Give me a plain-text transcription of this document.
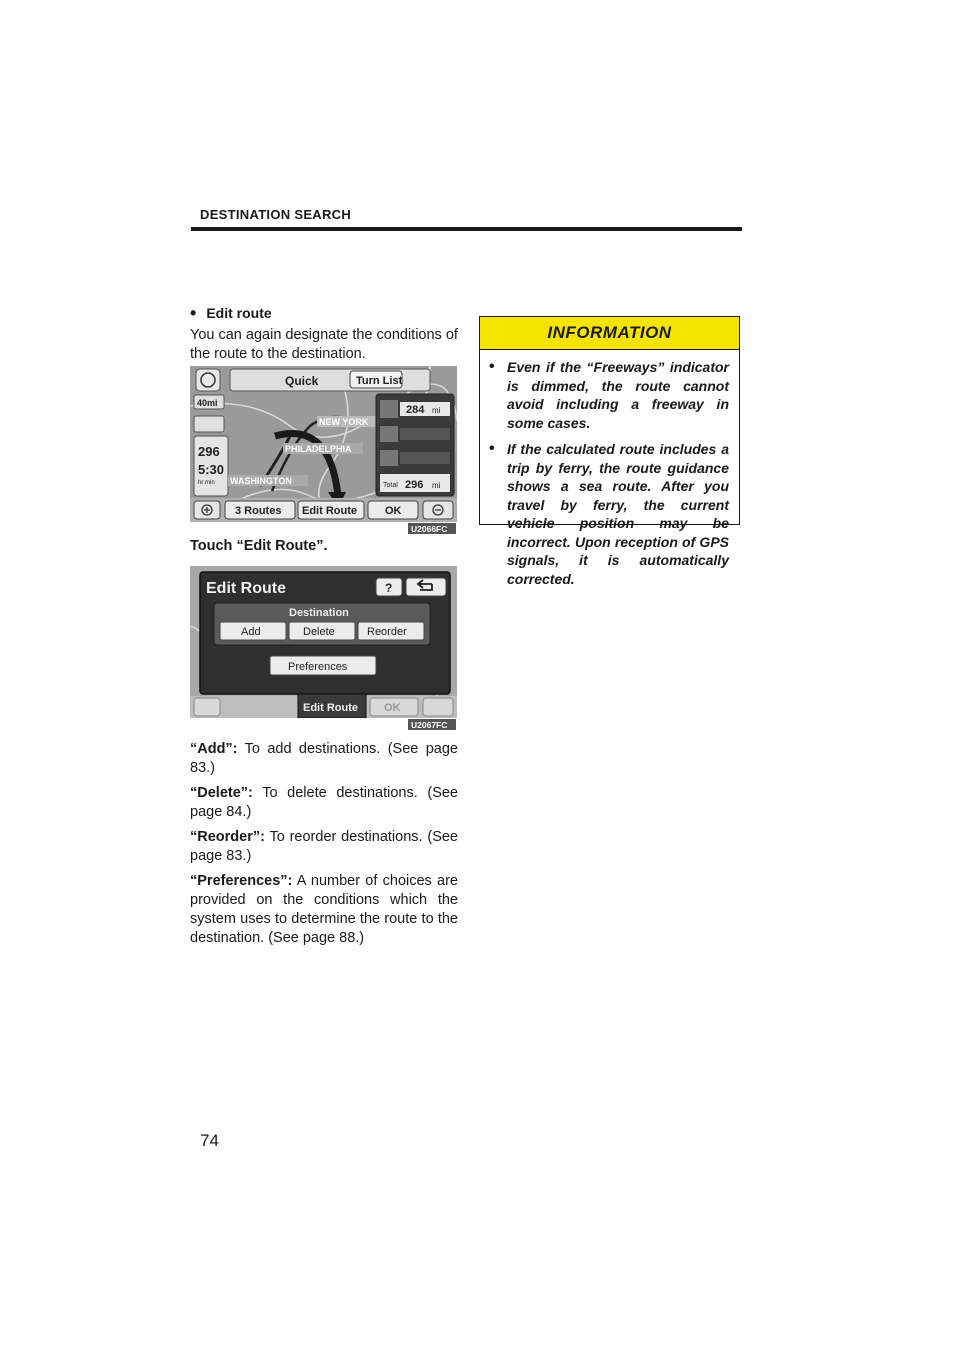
DESTINATION SEARCH
• Edit route
You can again designate the conditions of the route to the destination.
Quick	Turn List
40mi
296
5:30
hr min
NEW YORK
PHILADELPHIA
WASHINGTON
284 mi
Total 296 mi
3 Routes Edit Route	OK
U2066FC
Touch “Edit Route”.
Edit Route	?
Destination
Add	Delete	Reorder
Preferences
Edit Route OK
U2067FC
“Add”: To add destinations. (See page 83.)
“Delete”: To delete destinations. (See page 84.)
“Reorder”: To reorder destinations. (See page 83.)
“Preferences”: A number of choices are provided on the conditions which the system uses to determine the route to the destination. (See page 88.)
INFORMATION
• Even if the “Freeways” indicator is dimmed, the route cannot avoid including a freeway in some cases.
• If the calculated route includes a trip by ferry, the route guidance shows a sea route. After you travel by ferry, the current vehicle position may be incorrect. Upon reception of GPS signals, it is automatically corrected.
74
